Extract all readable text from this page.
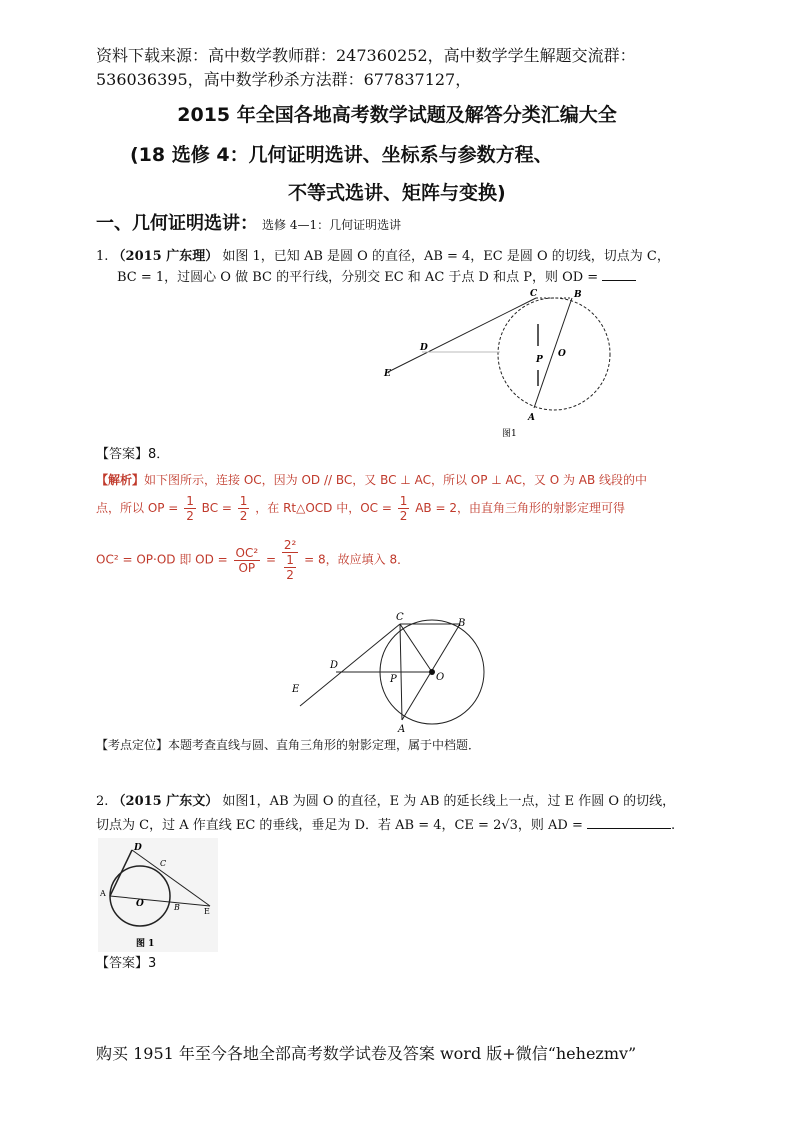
资料下载来源：高中数学教师群：247360252，高中数学学生解题交流群：
536036395，高中数学秒杀方法群：677837127，
2015 年全国各地高考数学试题及解答分类汇编大全
(18 选修 4：几何证明选讲、坐标系与参数方程、
不等式选讲、矩阵与变换)
一、几何证明选讲： 选修 4—1：几何证明选讲
1. （2015 广东理） 如图 1，已知 AB 是圆 O 的直径，AB = 4，EC 是圆 O 的切线，切点为 C，
BC = 1，过圆心 O 做 BC 的平行线，分别交 EC 和 AC 于点 D 和点 P，则 OD =
C	B
D
E
P
O
A
图1
【答案】8．
【解析】如下图所示，连接 OC，因为 OD // BC，又 BC ⊥ AC，所以 OP ⊥ AC，又 O 为 AB 线段的中
点，所以 OP = $\frac{1}{2}$ BC = $\frac{1}{2}$ ，在 Rt△OCD 中，OC = $\frac{1}{2}$ AB = 2，由直角三角形的射影定理可得
OC² = OP·OD 即 OD = $\frac{\text{OC²}}{OP} = \frac{\text{2²}}{\frac{1}{2}} = 8$，故应填入 8．
C
B
D
E
P	O
A
【考点定位】本题考查直线与圆、直角三角形的射影定理，属于中档题．
2. （2015 广东文） 如图1，AB 为圆 O 的直径，E 为 AB 的延长线上一点，过 E 作圆 O 的切线，
切点为 C，过 A 作直线 EC 的垂线，垂足为 D．若 AB = 4，CE = 2√3，则 AD =	.
D
C
A
O	B	E
图 1
【答案】3
购买 1951 年至今各地全部高考数学试卷及答案 word 版+微信“hehezmv”
